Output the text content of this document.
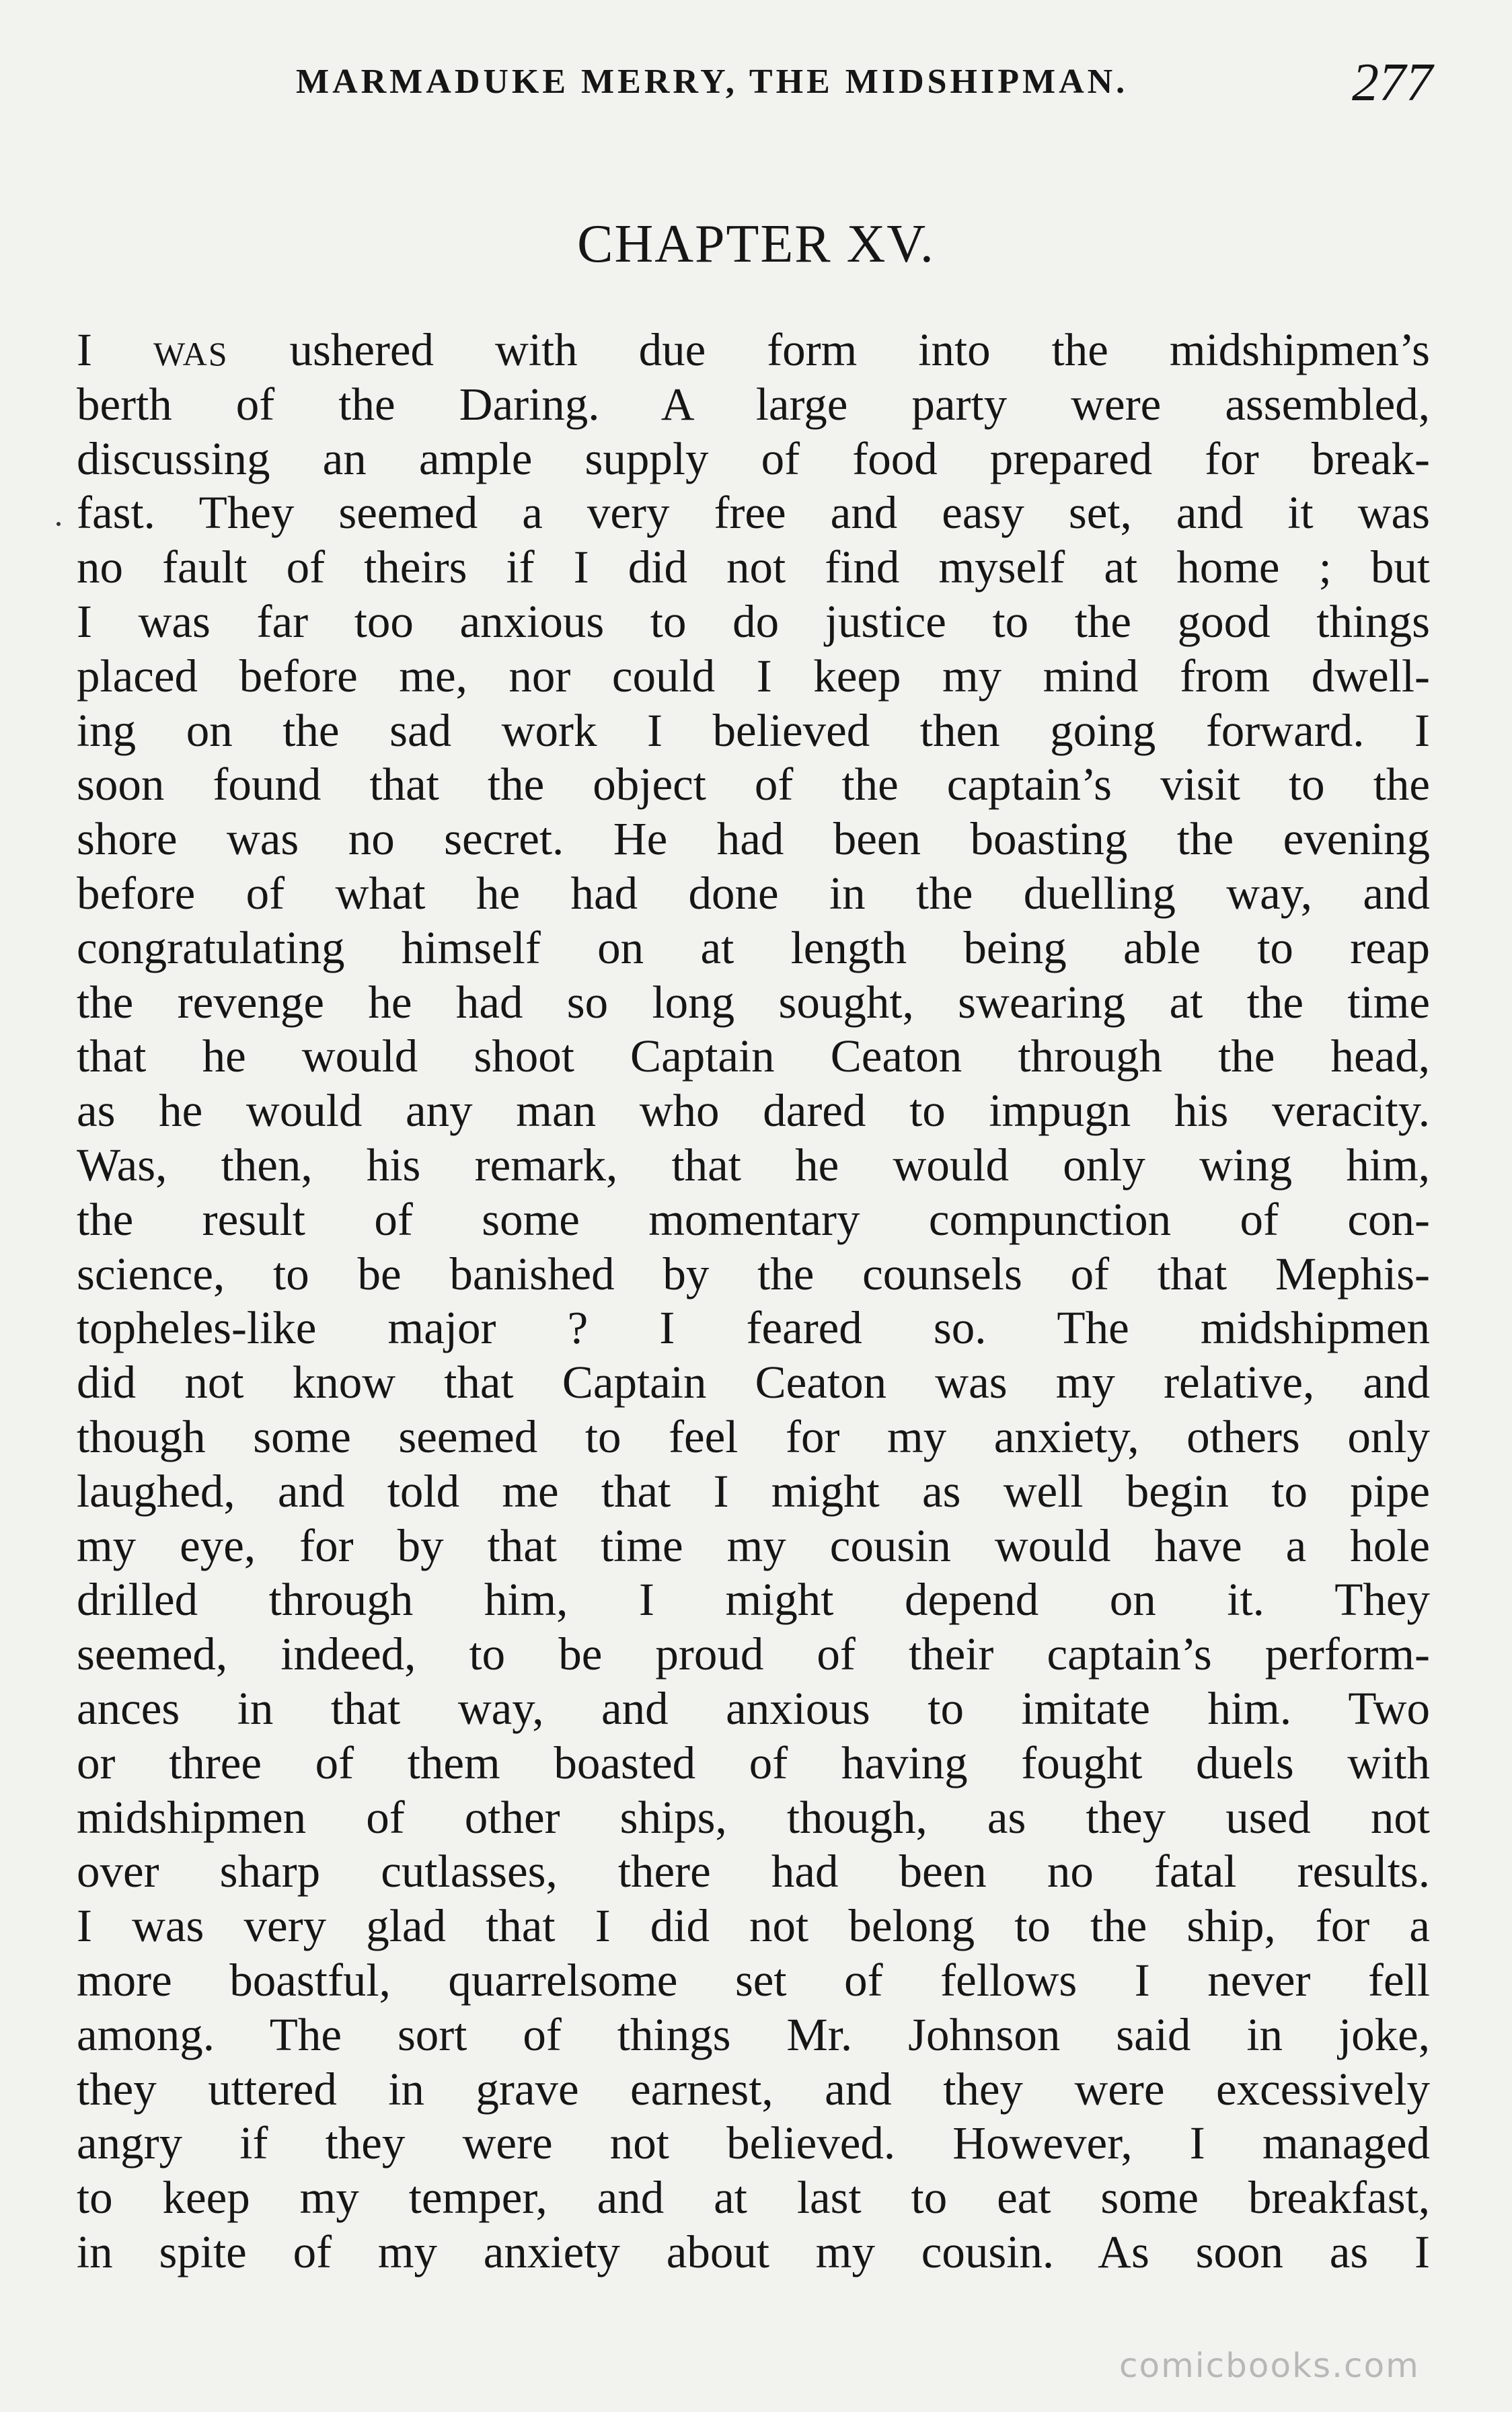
MARMADUKE MERRY, THE MIDSHIPMAN.	277
CHAPTER XV.
I WAS ushered with due form into the midshipmen’s
berth of the Daring. A large party were assembled,
discussing an ample supply of food prepared for break-
fast. They seemed a very free and easy set, and it was
no fault of theirs if I did not find myself at home ; but
I was far too anxious to do justice to the good things
placed before me, nor could I keep my mind from dwell-
ing on the sad work I believed then going forward. I
soon found that the object of the captain’s visit to the
shore was no secret. He had been boasting the evening
before of what he had done in the duelling way, and
congratulating himself on at length being able to reap
the revenge he had so long sought, swearing at the time
that he would shoot Captain Ceaton through the head,
as he would any man who dared to impugn his veracity.
Was, then, his remark, that he would only wing him,
the result of some momentary compunction of con-
science, to be banished by the counsels of that Mephis-
topheles-like major ? I feared so. The midshipmen
did not know that Captain Ceaton was my relative, and
though some seemed to feel for my anxiety, others only
laughed, and told me that I might as well begin to pipe
my eye, for by that time my cousin would have a hole
drilled through him, I might depend on it. They
seemed, indeed, to be proud of their captain’s perform-
ances in that way, and anxious to imitate him. Two
or three of them boasted of having fought duels with
midshipmen of other ships, though, as they used not
over sharp cutlasses, there had been no fatal results.
I was very glad that I did not belong to the ship, for a
more boastful, quarrelsome set of fellows I never fell
among. The sort of things Mr. Johnson said in joke,
they uttered in grave earnest, and they were excessively
angry if they were not believed. However, I managed
to keep my temper, and at last to eat some breakfast,
in spite of my anxiety about my cousin. As soon as I
comicbooks.com
